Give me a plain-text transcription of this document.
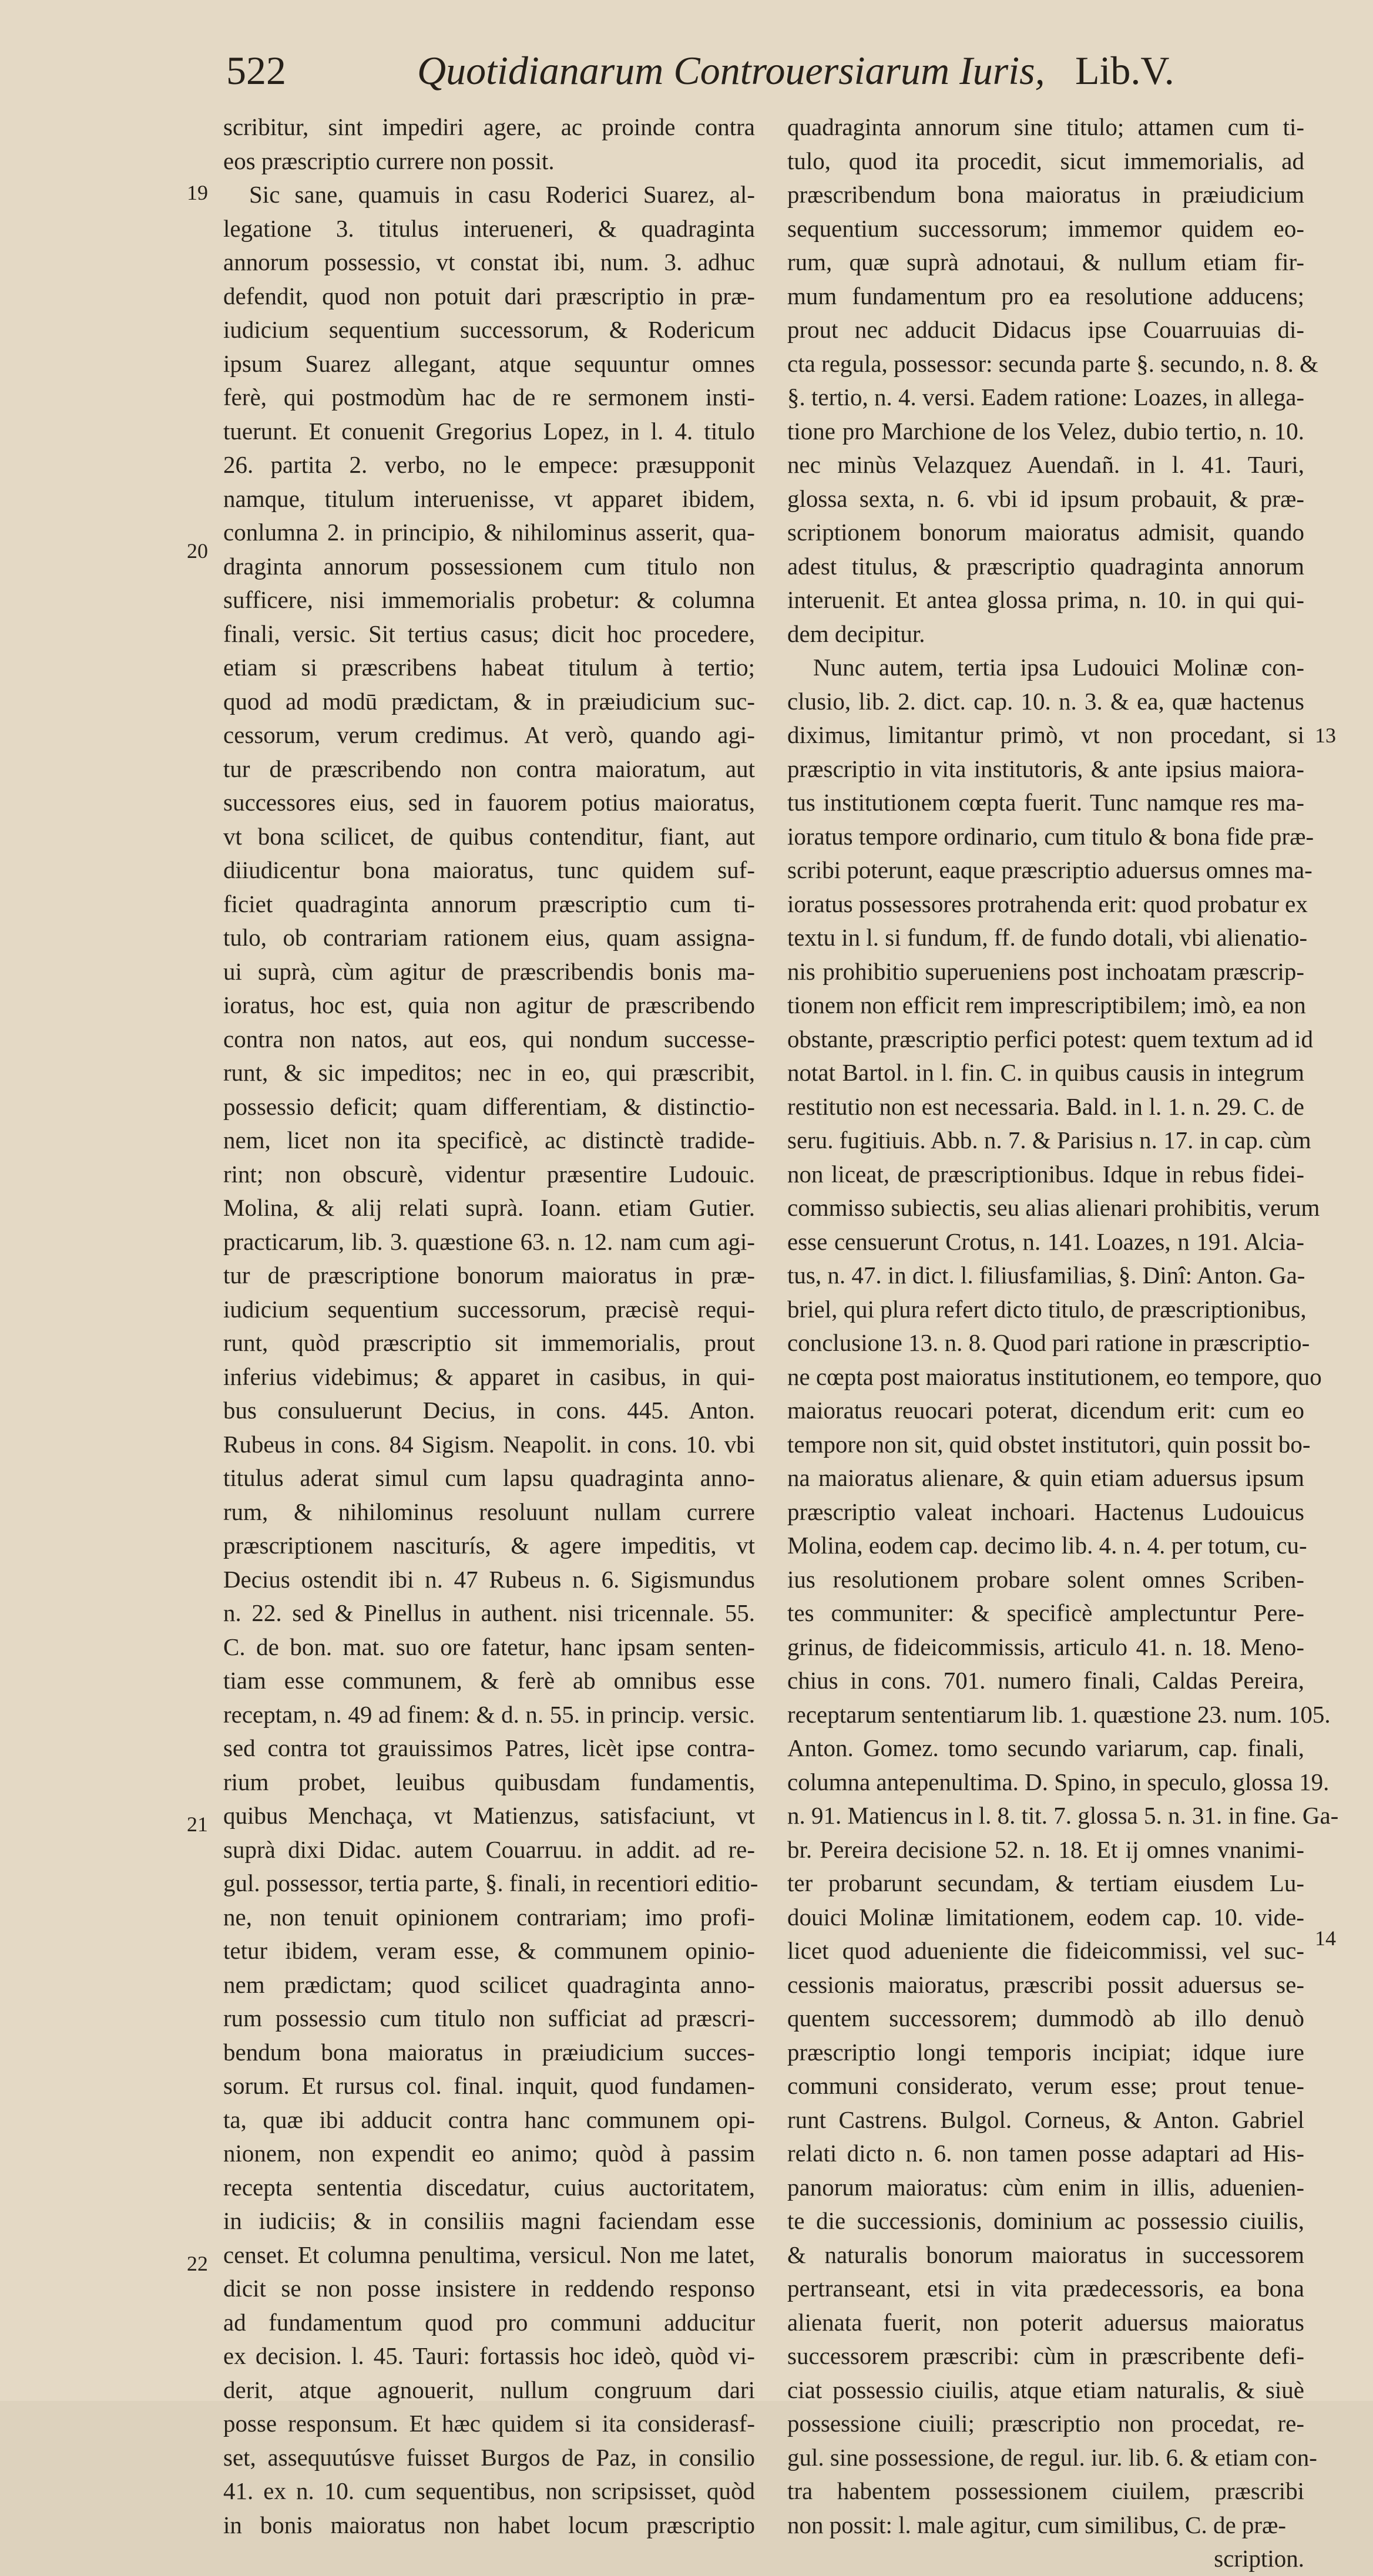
522	Quotidianarum Controuersiarum Iuris, Lib.V.
19
20
21
22
13
14
scribitur, sint impediri agere, ac proinde contra
eos præscriptio currere non possit.
Sic sane, quamuis in casu Roderici Suarez, al-
legatione 3. titulus interueneri, & quadraginta
annorum possessio, vt constat ibi, num. 3. adhuc
defendit, quod non potuit dari præscriptio in præ-
iudicium sequentium successorum, & Rodericum
ipsum Suarez allegant, atque sequuntur omnes
ferè, qui postmodùm hac de re sermonem insti-
tuerunt. Et conuenit Gregorius Lopez, in l. 4. titulo
26. partita 2. verbo, no le empece: præsupponit
namque, titulum interuenisse, vt apparet ibidem,
conlumna 2. in principio, & nihilominus asserit, qua-
draginta annorum possessionem cum titulo non
sufficere, nisi immemorialis probetur: & columna
finali, versic. Sit tertius casus; dicit hoc procedere,
etiam si præscribens habeat titulum à tertio;
quod ad modū prædictam, & in præiudicium suc-
cessorum, verum credimus. At verò, quando agi-
tur de præscribendo non contra maioratum, aut
successores eius, sed in fauorem potius maioratus,
vt bona scilicet, de quibus contenditur, fiant, aut
diiudicentur bona maioratus, tunc quidem suf-
ficiet quadraginta annorum præscriptio cum ti-
tulo, ob contrariam rationem eius, quam assigna-
ui suprà, cùm agitur de præscribendis bonis ma-
ioratus, hoc est, quia non agitur de præscribendo
contra non natos, aut eos, qui nondum successe-
runt, & sic impeditos; nec in eo, qui præscribit,
possessio deficit; quam differentiam, & distinctio-
nem, licet non ita specificè, ac distinctè tradide-
rint; non obscurè, videntur præsentire Ludouic.
Molina, & alij relati suprà. Ioann. etiam Gutier.
practicarum, lib. 3. quæstione 63. n. 12. nam cum agi-
tur de præscriptione bonorum maioratus in præ-
iudicium sequentium successorum, præcisè requi-
runt, quòd præscriptio sit immemorialis, prout
inferius videbimus; & apparet in casibus, in qui-
bus consuluerunt Decius, in cons. 445. Anton.
Rubeus in cons. 84 Sigism. Neapolit. in cons. 10. vbi
titulus aderat simul cum lapsu quadraginta anno-
rum, & nihilominus resoluunt nullam currere
præscriptionem nasciturís, & agere impeditis, vt
Decius ostendit ibi n. 47 Rubeus n. 6. Sigismundus
n. 22. sed & Pinellus in authent. nisi tricennale. 55.
C. de bon. mat. suo ore fatetur, hanc ipsam senten-
tiam esse communem, & ferè ab omnibus esse
receptam, n. 49 ad finem: & d. n. 55. in princip. versic.
sed contra tot grauissimos Patres, licèt ipse contra-
rium probet, leuibus quibusdam fundamentis,
quibus Menchaça, vt Matienzus, satisfaciunt, vt
suprà dixi Didac. autem Couarruu. in addit. ad re-
gul. possessor, tertia parte, §. finali, in recentiori editio-
ne, non tenuit opinionem contrariam; imo profi-
tetur ibidem, veram esse, & communem opinio-
nem prædictam; quod scilicet quadraginta anno-
rum possessio cum titulo non sufficiat ad præscri-
bendum bona maioratus in præiudicium succes-
sorum. Et rursus col. final. inquit, quod fundamen-
ta, quæ ibi adducit contra hanc communem opi-
nionem, non expendit eo animo; quòd à passim
recepta sententia discedatur, cuius auctoritatem,
in iudiciis; & in consiliis magni faciendam esse
censet. Et columna penultima, versicul. Non me latet,
dicit se non posse insistere in reddendo responso
ad fundamentum quod pro communi adducitur
ex decision. l. 45. Tauri: fortassis hoc ideò, quòd vi-
derit, atque agnouerit, nullum congruum dari
posse responsum. Et hæc quidem si ita considerasf-
set, assequutúsve fuisset Burgos de Paz, in consilio
41. ex n. 10. cum sequentibus, non scripsisset, quòd
in bonis maioratus non habet locum præscriptio
quadraginta annorum sine titulo; attamen cum ti-
tulo, quod ita procedit, sicut immemorialis, ad
præscribendum bona maioratus in præiudicium
sequentium successorum; immemor quidem eo-
rum, quæ suprà adnotaui, & nullum etiam fir-
mum fundamentum pro ea resolutione adducens;
prout nec adducit Didacus ipse Couarruuias di-
cta regula, possessor: secunda parte §. secundo, n. 8. &
§. tertio, n. 4. versi. Eadem ratione: Loazes, in allega-
tione pro Marchione de los Velez, dubio tertio, n. 10.
nec minùs Velazquez Auendañ. in l. 41. Tauri,
glossa sexta, n. 6. vbi id ipsum probauit, & præ-
scriptionem bonorum maioratus admisit, quando
adest titulus, & præscriptio quadraginta annorum
interuenit. Et antea glossa prima, n. 10. in qui qui-
dem decipitur.
Nunc autem, tertia ipsa Ludouici Molinæ con-
clusio, lib. 2. dict. cap. 10. n. 3. & ea, quæ hactenus
diximus, limitantur primò, vt non procedant, si
præscriptio in vita institutoris, & ante ipsius maiora-
tus institutionem cœpta fuerit. Tunc namque res ma-
ioratus tempore ordinario, cum titulo & bona fide præ-
scribi poterunt, eaque præscriptio aduersus omnes ma-
ioratus possessores protrahenda erit: quod probatur ex
textu in l. si fundum, ff. de fundo dotali, vbi alienatio-
nis prohibitio superueniens post inchoatam præscrip-
tionem non efficit rem imprescriptibilem; imò, ea non
obstante, præscriptio perfici potest: quem textum ad id
notat Bartol. in l. fin. C. in quibus causis in integrum
restitutio non est necessaria. Bald. in l. 1. n. 29. C. de
seru. fugitiuis. Abb. n. 7. & Parisius n. 17. in cap. cùm
non liceat, de præscriptionibus. Idque in rebus fidei-
commisso subiectis, seu alias alienari prohibitis, verum
esse censuerunt Crotus, n. 141. Loazes, n 191. Alcia-
tus, n. 47. in dict. l. filiusfamilias, §. Dinî: Anton. Ga-
briel, qui plura refert dicto titulo, de præscriptionibus,
conclusione 13. n. 8. Quod pari ratione in præscriptio-
ne cœpta post maioratus institutionem, eo tempore, quo
maioratus reuocari poterat, dicendum erit: cum eo
tempore non sit, quid obstet institutori, quin possit bo-
na maioratus alienare, & quin etiam aduersus ipsum
præscriptio valeat inchoari. Hactenus Ludouicus
Molina, eodem cap. decimo lib. 4. n. 4. per totum, cu-
ius resolutionem probare solent omnes Scriben-
tes communiter: & specificè amplectuntur Pere-
grinus, de fideicommissis, articulo 41. n. 18. Meno-
chius in cons. 701. numero finali, Caldas Pereira,
receptarum sententiarum lib. 1. quæstione 23. num. 105.
Anton. Gomez. tomo secundo variarum, cap. finali,
columna antepenultima. D. Spino, in speculo, glossa 19.
n. 91. Matiencus in l. 8. tit. 7. glossa 5. n. 31. in fine. Ga-
br. Pereira decisione 52. n. 18. Et ij omnes vnanimi-
ter probarunt secundam, & tertiam eiusdem Lu-
douici Molinæ limitationem, eodem cap. 10. vide-
licet quod adueniente die fideicommissi, vel suc-
cessionis maioratus, præscribi possit aduersus se-
quentem successorem; dummodò ab illo denuò
præscriptio longi temporis incipiat; idque iure
communi considerato, verum esse; prout tenue-
runt Castrens. Bulgol. Corneus, & Anton. Gabriel
relati dicto n. 6. non tamen posse adaptari ad His-
panorum maioratus: cùm enim in illis, aduenien-
te die successionis, dominium ac possessio ciuilis,
& naturalis bonorum maioratus in successorem
pertranseant, etsi in vita prædecessoris, ea bona
alienata fuerit, non poterit aduersus maioratus
successorem præscribi: cùm in præscribente defi-
ciat possessio ciuilis, atque etiam naturalis, & siuè
possessione ciuili; præscriptio non procedat, re-
gul. sine possessione, de regul. iur. lib. 6. & etiam con-
tra habentem possessionem ciuilem, præscribi
non possit: l. male agitur, cum similibus, C. de præ-
scription.
